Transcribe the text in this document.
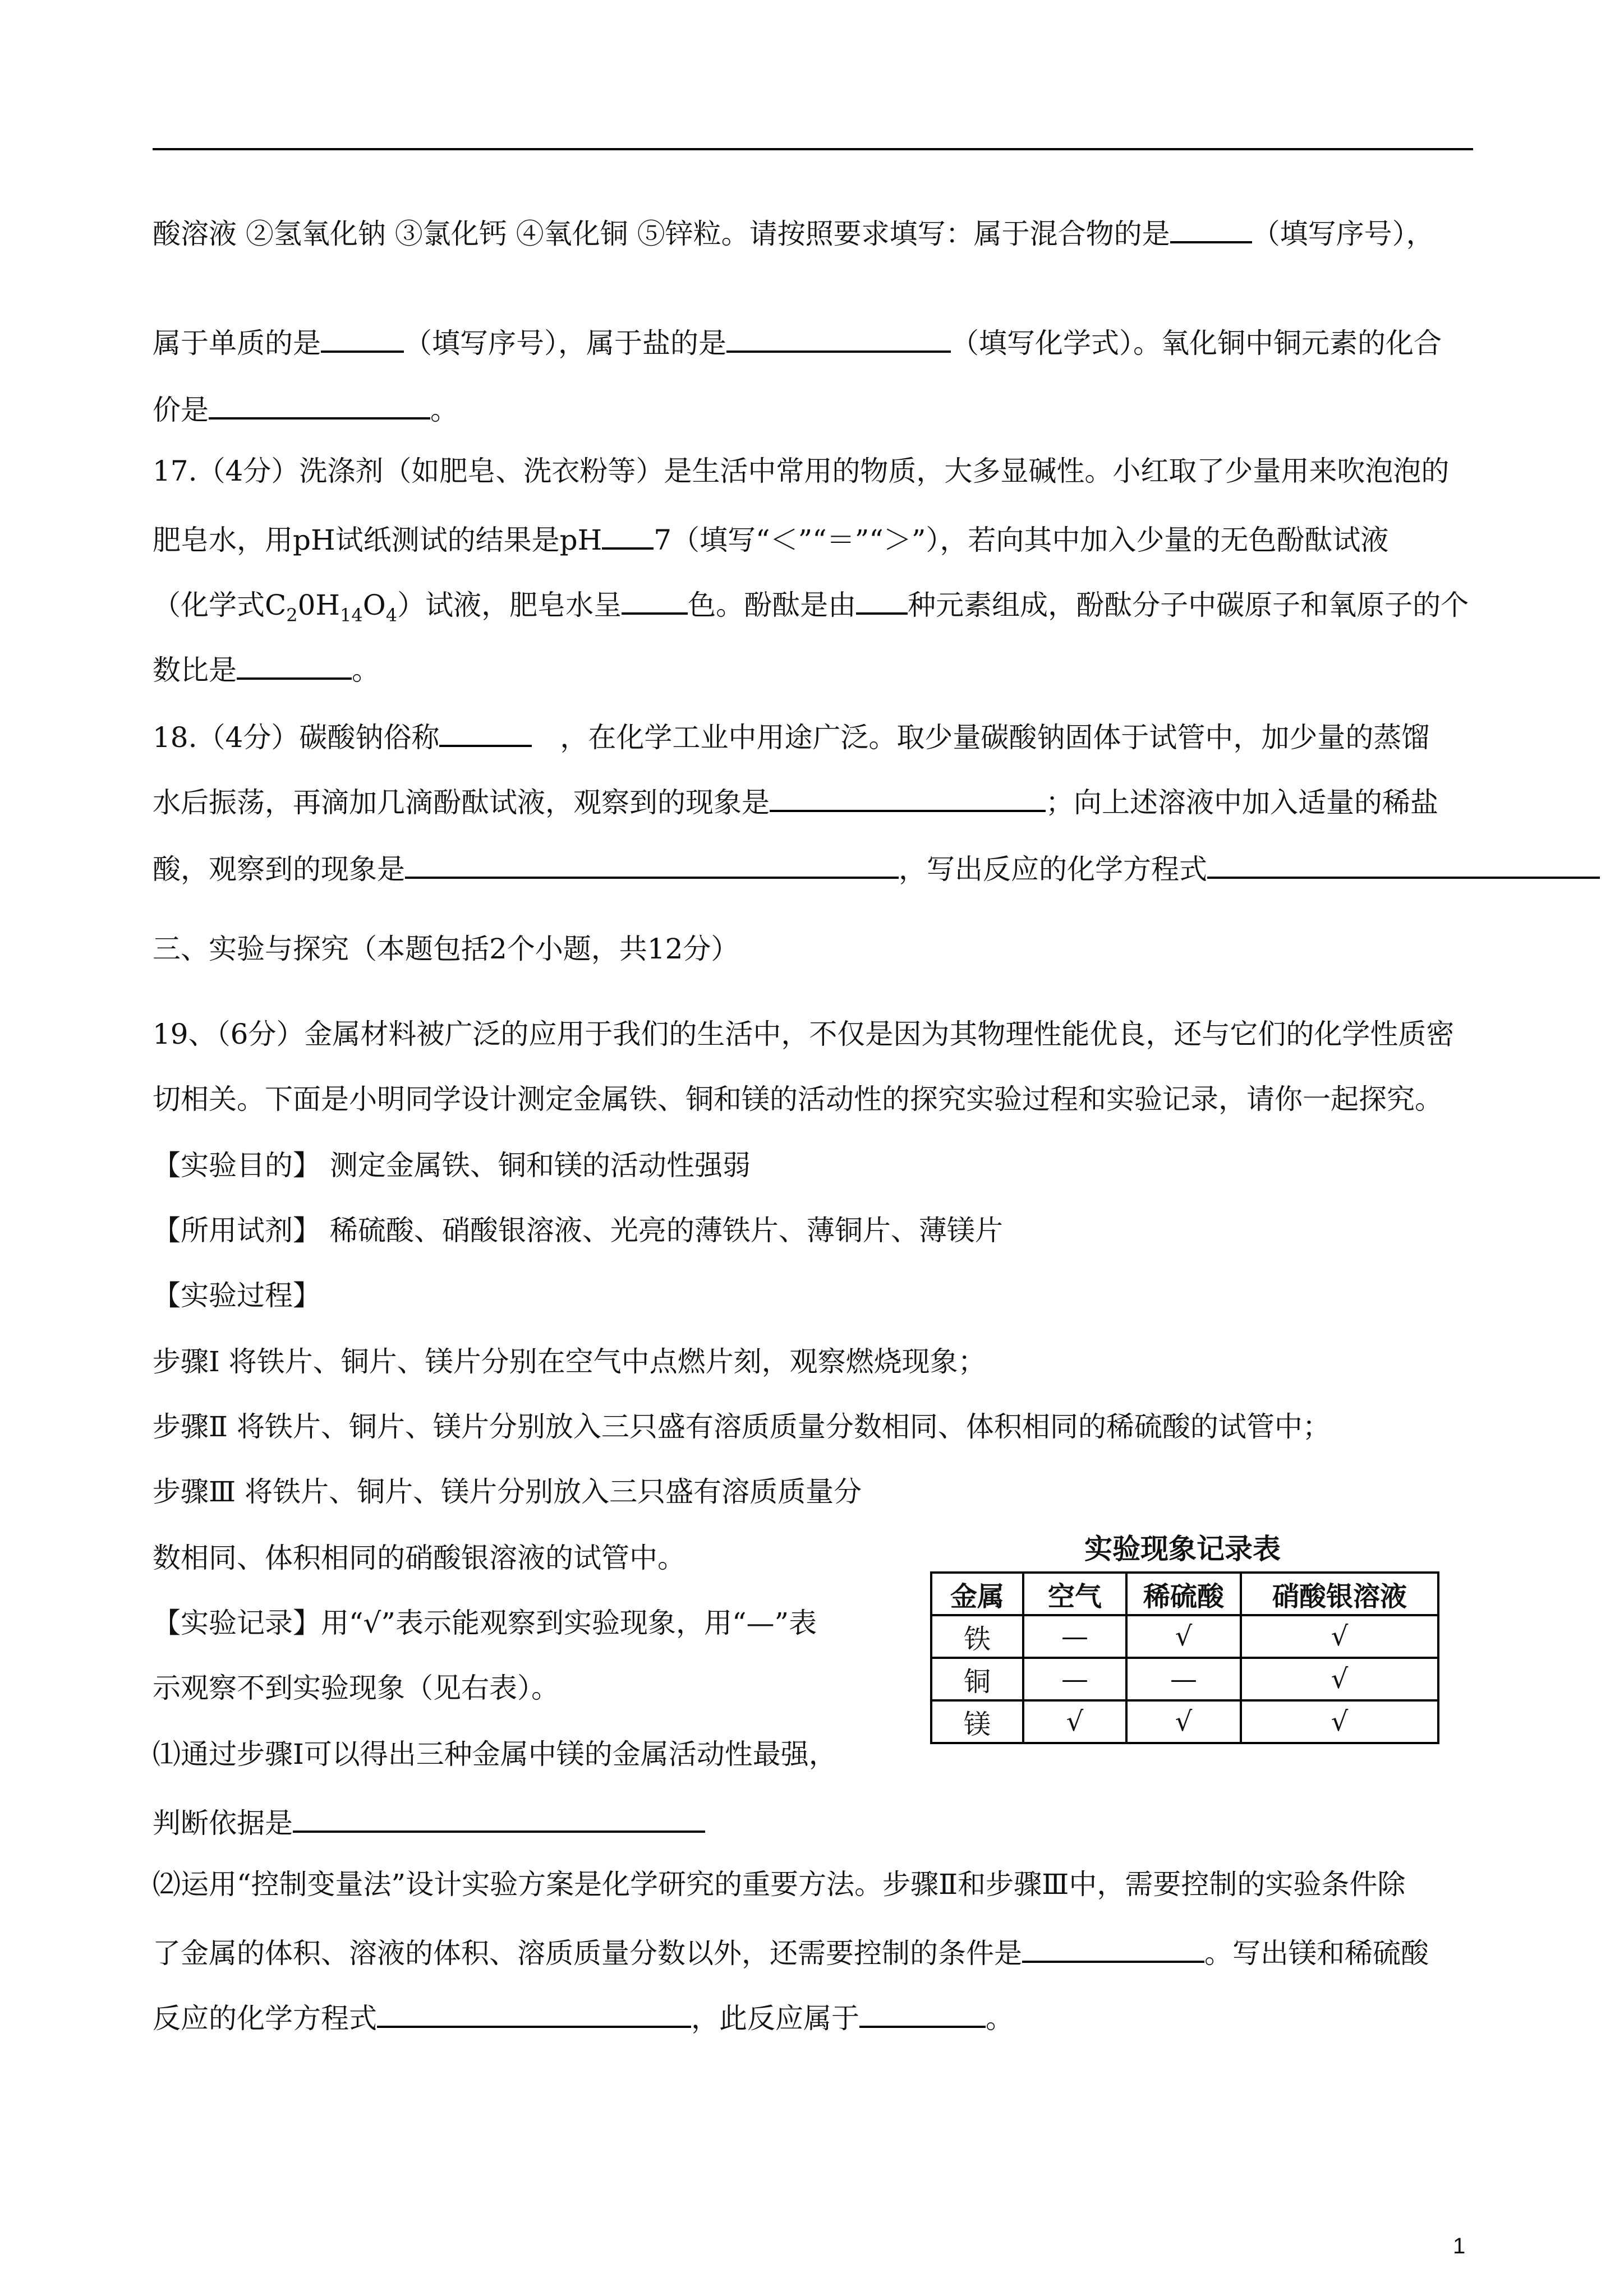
酸溶液 ②氢氧化钠 ③氯化钙 ④氧化铜 ⑤锌粒。请按照要求填写：属于混合物的是	（填写序号），
属于单质的是	（填写序号），属于盐的是	（填写化学式）。氧化铜中铜元素的化合
价是	。
17.（4分）洗涤剂（如肥皂、洗衣粉等）是生活中常用的物质，大多显碱性。小红取了少量用来吹泡泡的
肥皂水，用pH试纸测试的结果是pH 7（填写“＜”“＝”“＞”），若向其中加入少量的无色酚酞试液
（化学式$C_20H_{14}O_4$）试液，肥皂水呈 色。酚酞是由 种元素组成，酚酞分子中碳原子和氧原子的个
数比是	。
18.（4分）碳酸钠俗称	，在化学工业中用途广泛。取少量碳酸钠固体于试管中，加少量的蒸馏
水后振荡，再滴加几滴酚酞试液，观察到的现象是	；向上述溶液中加入适量的稀盐
酸，观察到的现象是	，写出反应的化学方程式
三、实验与探究（本题包括2个小题，共12分）
19、（6分）金属材料被广泛的应用于我们的生活中，不仅是因为其物理性能优良，还与它们的化学性质密
切相关。下面是小明同学设计测定金属铁、铜和镁的活动性的探究实验过程和实验记录，请你一起探究。
【实验目的】 测定金属铁、铜和镁的活动性强弱
【所用试剂】 稀硫酸、硝酸银溶液、光亮的薄铁片、薄铜片、薄镁片
【实验过程】
步骤Ⅰ 将铁片、铜片、镁片分别在空气中点燃片刻，观察燃烧现象；
步骤Ⅱ 将铁片、铜片、镁片分别放入三只盛有溶质质量分数相同、体积相同的稀硫酸的试管中；
步骤Ⅲ 将铁片、铜片、镁片分别放入三只盛有溶质质量分
数相同、体积相同的硝酸银溶液的试管中。
【实验记录】用“√”表示能观察到实验现象，用“—”表
示观察不到实验现象（见右表）。
⑴通过步骤Ⅰ可以得出三种金属中镁的金属活动性最强，
判断依据是
⑵运用“控制变量法”设计实验方案是化学研究的重要方法。步骤Ⅱ和步骤Ⅲ中，需要控制的实验条件除
了金属的体积、溶液的体积、溶质质量分数以外，还需要控制的条件是	。写出镁和稀硫酸
反应的化学方程式	，此反应属于	。
实验现象记录表
金属	空气	稀硫酸	硝酸银溶液
铁	—	√	√
铜	—	—	√
镁	√	√	√
1
